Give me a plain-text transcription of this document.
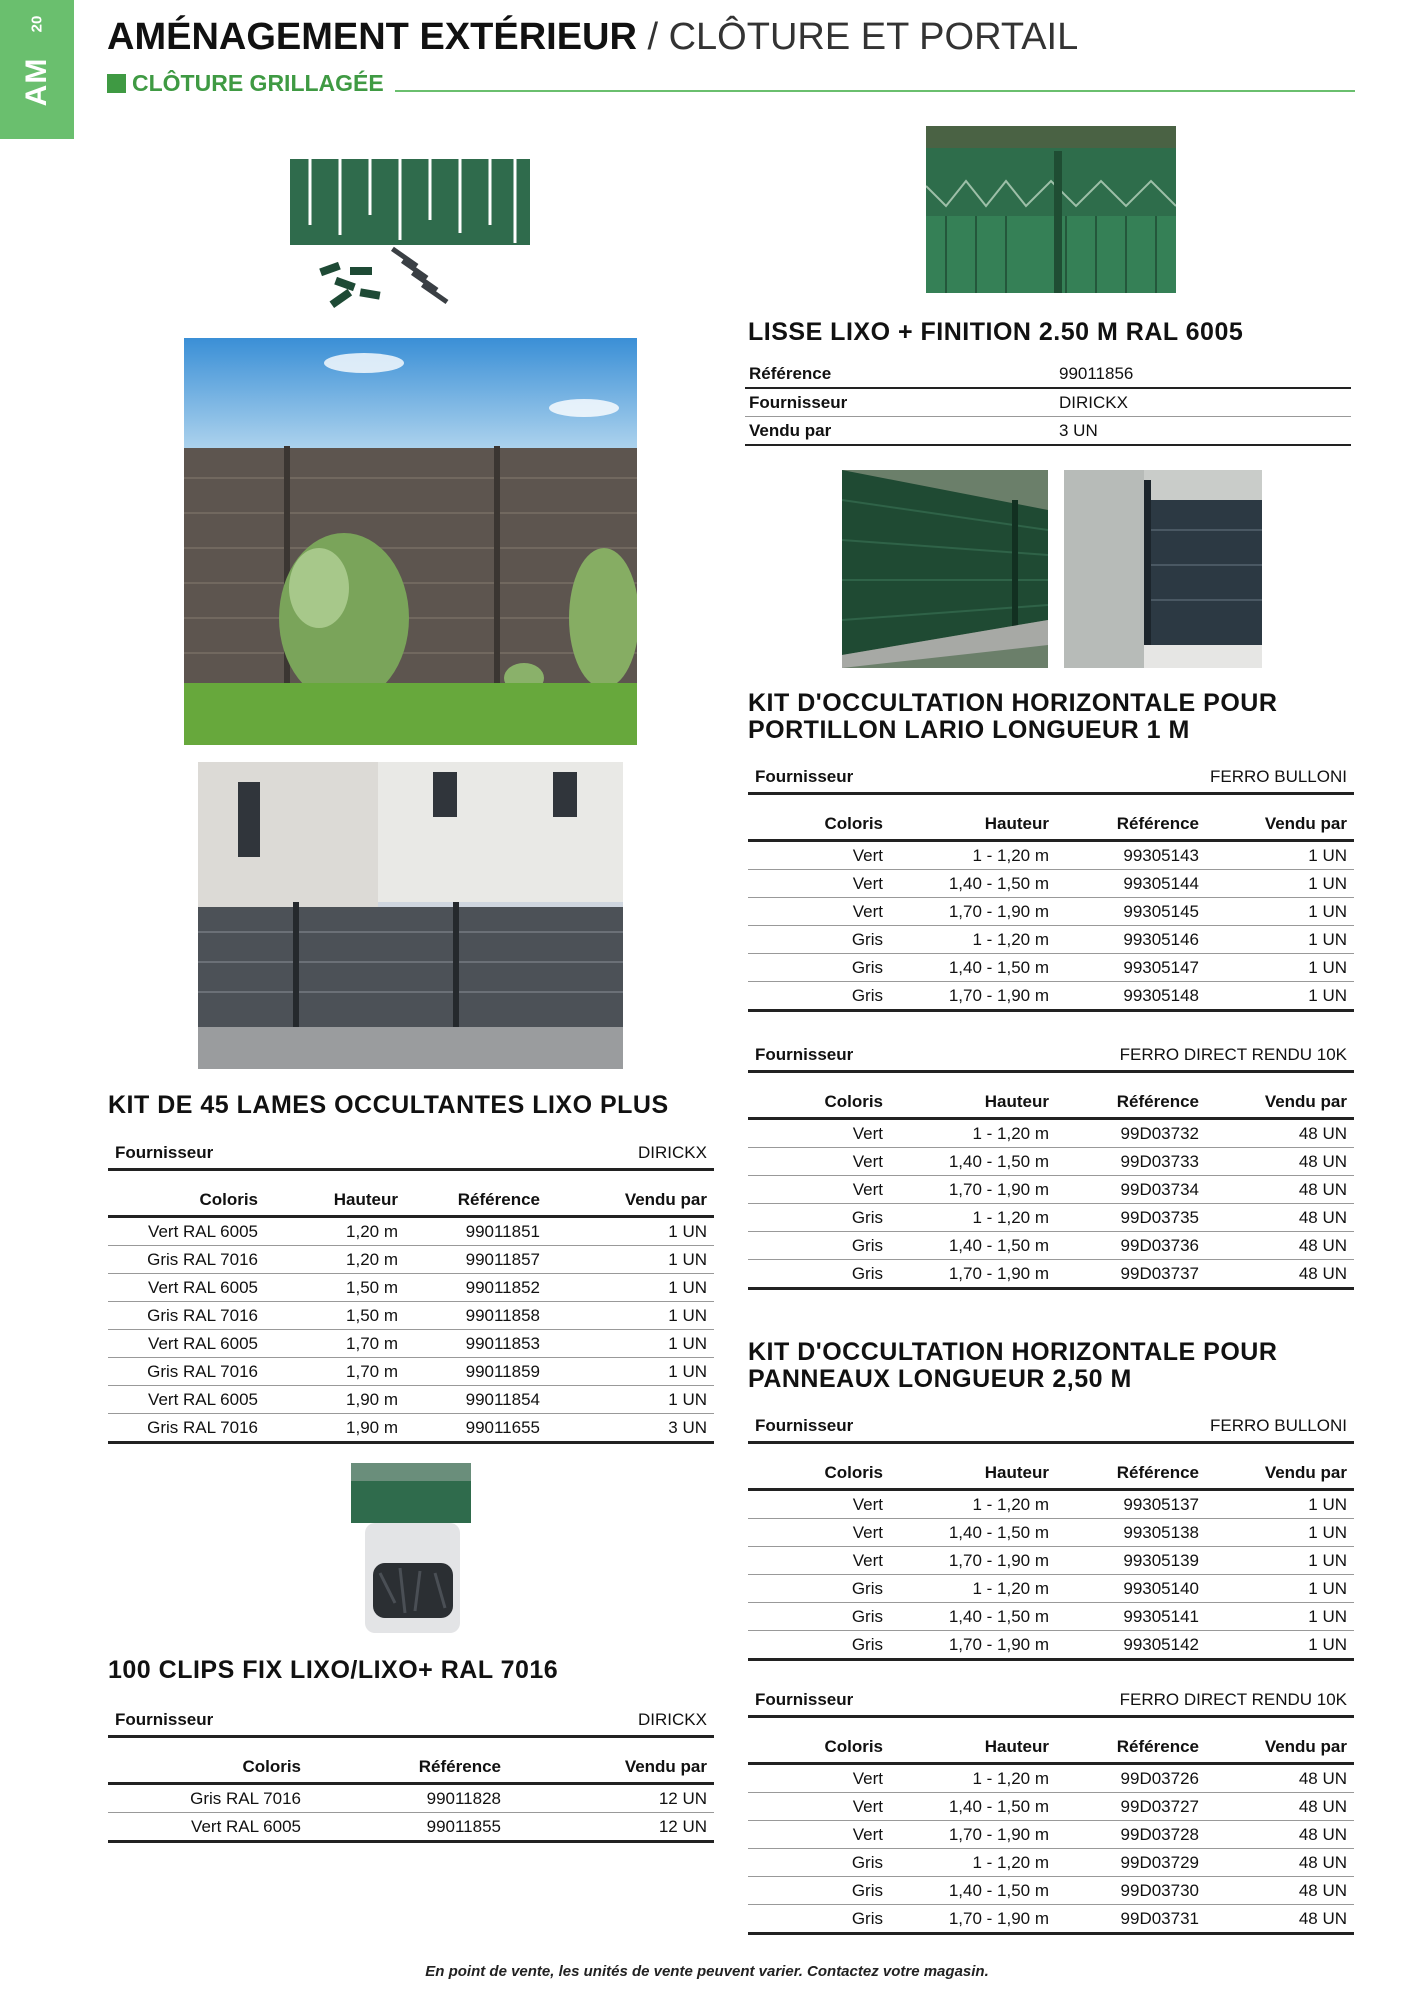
20
AM
AMÉNAGEMENT EXTÉRIEUR / CLÔTURE ET PORTAIL
CLÔTURE GRILLAGÉE
LISSE LIXO + FINITION 2.50 M RAL 6005
Référence	99011856
Fournisseur	DIRICKX
Vendu par	3 UN
KIT DE 45 LAMES OCCULTANTES LIXO PLUS
Fournisseur		DIRICKX	

Coloris	Hauteur	Référence	Vendu par
Vert RAL 6005	1,20 m	99011851	1 UN
Gris RAL 7016	1,20 m	99011857	1 UN
Vert RAL 6005	1,50 m	99011852	1 UN
Gris RAL 7016	1,50 m	99011858	1 UN
Vert RAL 6005	1,70 m	99011853	1 UN
Gris RAL 7016	1,70 m	99011859	1 UN
Vert RAL 6005	1,90 m	99011854	1 UN
Gris RAL 7016	1,90 m	99011655	3 UN
100 CLIPS FIX LIXO/LIXO+ RAL 7016
Fournisseur		DIRICKX

Coloris	Référence	Vendu par
Gris RAL 7016	99011828	12 UN
Vert RAL 6005	99011855	12 UN
KIT D'OCCULTATION HORIZONTALE POUR
PORTILLON LARIO LONGUEUR 1 M
Fournisseur		FERRO BULLONI	

Coloris	Hauteur	Référence	Vendu par
Vert	1 - 1,20 m	99305143	1 UN
Vert	1,40 - 1,50 m	99305144	1 UN
Vert	1,70 - 1,90 m	99305145	1 UN
Gris	1 - 1,20 m	99305146	1 UN
Gris	1,40 - 1,50 m	99305147	1 UN
Gris	1,70 - 1,90 m	99305148	1 UN
Fournisseur		FERRO DIRECT RENDU 10K	

Coloris	Hauteur	Référence	Vendu par
Vert	1 - 1,20 m	99D03732	48 UN
Vert	1,40 - 1,50 m	99D03733	48 UN
Vert	1,70 - 1,90 m	99D03734	48 UN
Gris	1 - 1,20 m	99D03735	48 UN
Gris	1,40 - 1,50 m	99D03736	48 UN
Gris	1,70 - 1,90 m	99D03737	48 UN
KIT D'OCCULTATION HORIZONTALE POUR
PANNEAUX LONGUEUR 2,50 M
Fournisseur		FERRO BULLONI	

Coloris	Hauteur	Référence	Vendu par
Vert	1 - 1,20 m	99305137	1 UN
Vert	1,40 - 1,50 m	99305138	1 UN
Vert	1,70 - 1,90 m	99305139	1 UN
Gris	1 - 1,20 m	99305140	1 UN
Gris	1,40 - 1,50 m	99305141	1 UN
Gris	1,70 - 1,90 m	99305142	1 UN
Fournisseur		FERRO DIRECT RENDU 10K	

Coloris	Hauteur	Référence	Vendu par
Vert	1 - 1,20 m	99D03726	48 UN
Vert	1,40 - 1,50 m	99D03727	48 UN
Vert	1,70 - 1,90 m	99D03728	48 UN
Gris	1 - 1,20 m	99D03729	48 UN
Gris	1,40 - 1,50 m	99D03730	48 UN
Gris	1,70 - 1,90 m	99D03731	48 UN
En point de vente, les unités de vente peuvent varier. Contactez votre magasin.
